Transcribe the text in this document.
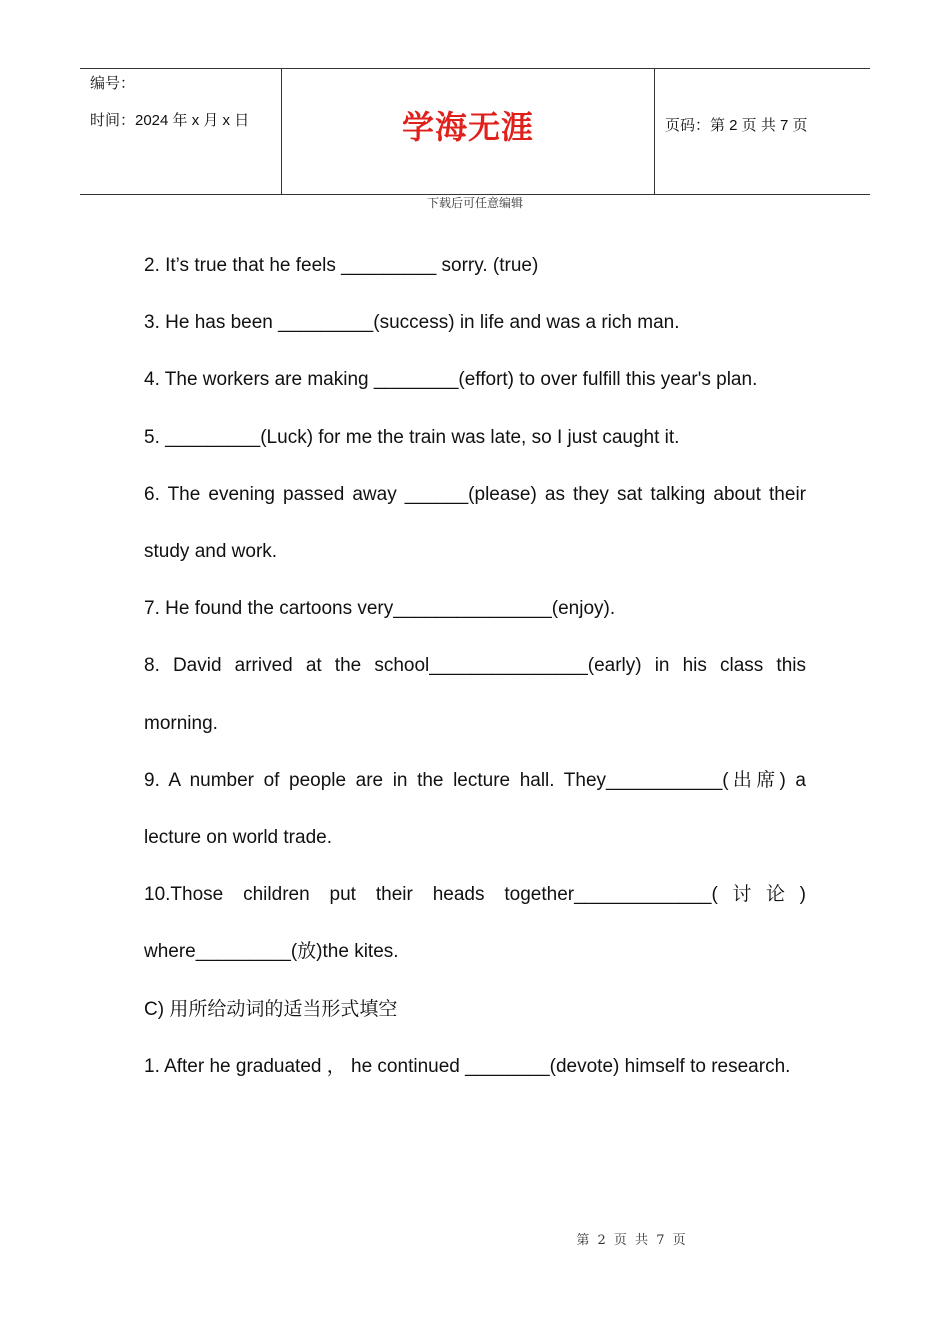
编号：
时间：2024 年 x 月 x 日	学海无涯	页码：第 2 页 共 7 页
下载后可任意编辑

2. It’s true that he feels _________ sorry. (true)

3. He has been _________(success) in life and was a rich man.

4. The workers are making ________(effort) to over fulfill this year's plan.

5. _________(Luck) for me the train was late, so I just caught it.

6. The evening passed away ______(please) as they sat talking about their study and work.

7. He found the cartoons very_______________(enjoy).

8. David arrived at the school_______________(early) in his class this morning.

9. A number of people are in the lecture hall. They___________(出席) a lecture on world trade.

10.Those children put their heads together_____________(讨论) where_________(放)the kites.

C) 用所给动词的适当形式填空

1. After he graduated ， he continued ________(devote) himself to research.

第 2 页 共 7 页
